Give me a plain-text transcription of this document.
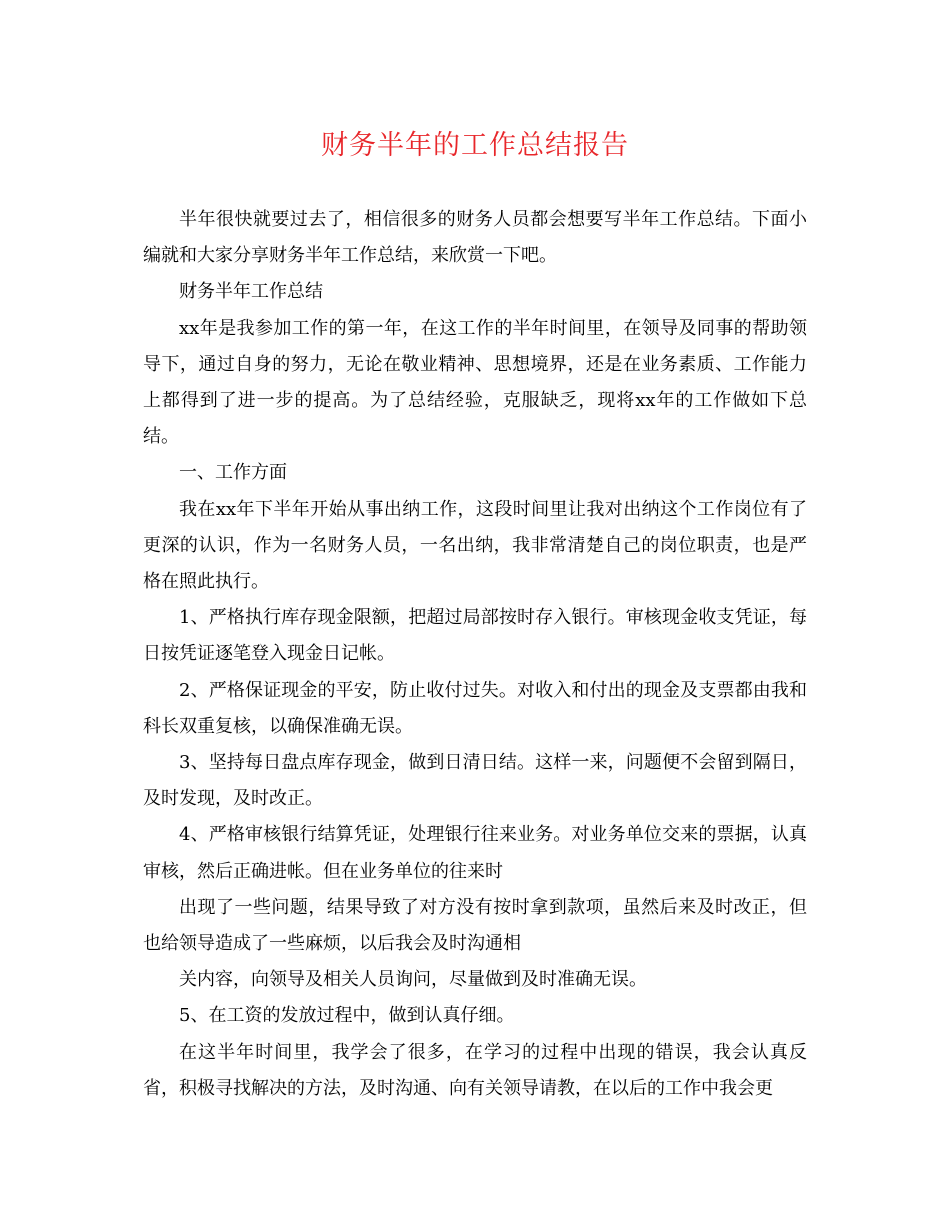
财务半年的工作总结报告

半年很快就要过去了，相信很多的财务人员都会想要写半年工作总结。下面小编就和大家分享财务半年工作总结，来欣赏一下吧。

财务半年工作总结

xx年是我参加工作的第一年，在这工作的半年时间里，在领导及同事的帮助领导下，通过自身的努力，无论在敬业精神、思想境界，还是在业务素质、工作能力上都得到了进一步的提高。为了总结经验，克服缺乏，现将xx年的工作做如下总结。

一、工作方面

我在xx年下半年开始从事出纳工作，这段时间里让我对出纳这个工作岗位有了更深的认识，作为一名财务人员，一名出纳，我非常清楚自己的岗位职责，也是严格在照此执行。

1、严格执行库存现金限额，把超过局部按时存入银行。审核现金收支凭证，每日按凭证逐笔登入现金日记帐。

2、严格保证现金的平安，防止收付过失。对收入和付出的现金及支票都由我和科长双重复核，以确保准确无误。

3、坚持每日盘点库存现金，做到日清日结。这样一来，问题便不会留到隔日，及时发现，及时改正。

4、严格审核银行结算凭证，处理银行往来业务。对业务单位交来的票据，认真审核，然后正确进帐。但在业务单位的往来时

出现了一些问题，结果导致了对方没有按时拿到款项，虽然后来及时改正，但也给领导造成了一些麻烦，以后我会及时沟通相

关内容，向领导及相关人员询问，尽量做到及时准确无误。

5、在工资的发放过程中，做到认真仔细。

在这半年时间里，我学会了很多，在学习的过程中出现的错误，我会认真反省，积极寻找解决的方法，及时沟通、向有关领导请教，在以后的工作中我会更
